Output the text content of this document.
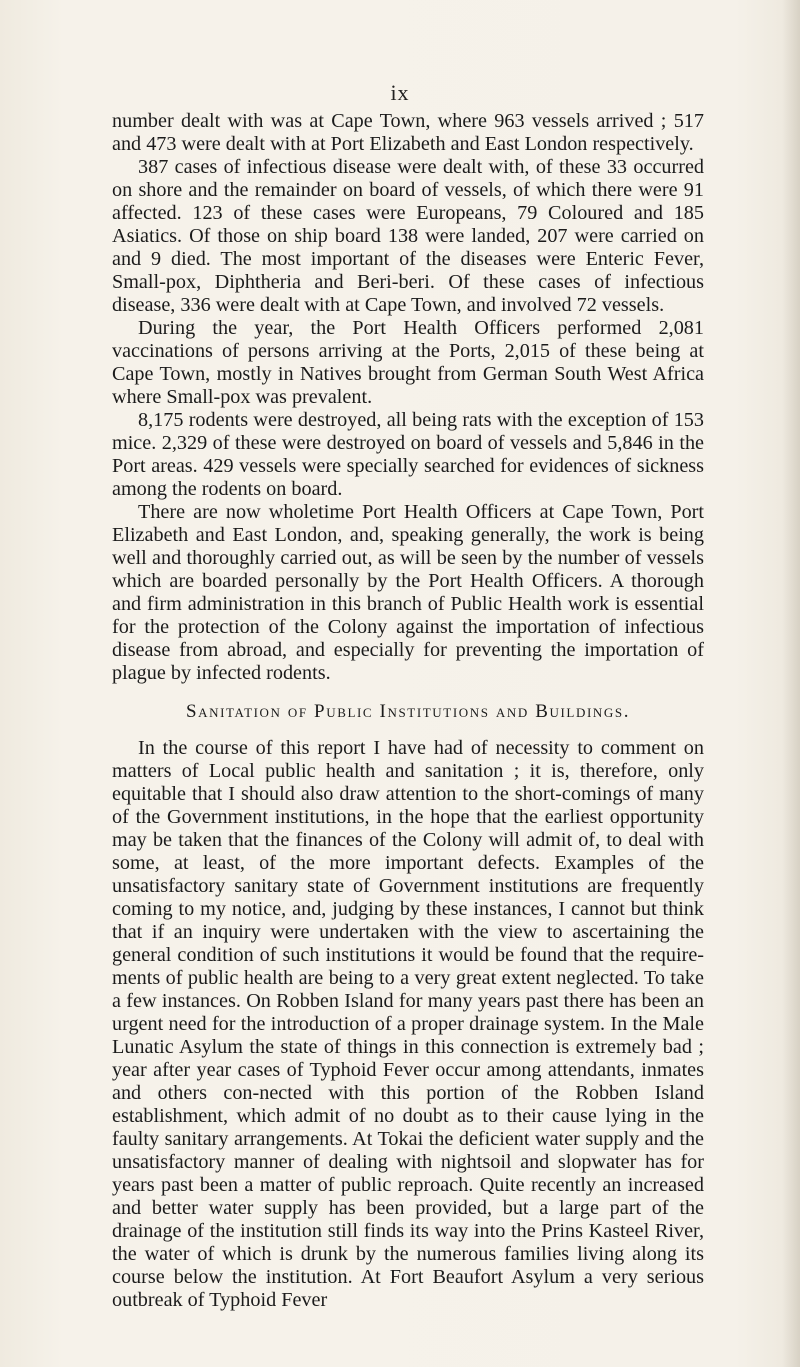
ix

number dealt with was at Cape Town, where 963 vessels arrived ; 517 and 473 were dealt with at Port Elizabeth and East London respectively.

387 cases of infectious disease were dealt with, of these 33 occurred on shore and the remainder on board of vessels, of which there were 91 affected. 123 of these cases were Europeans, 79 Coloured and 185 Asiatics. Of those on ship board 138 were landed, 207 were carried on and 9 died. The most important of the diseases were Enteric Fever, Small-pox, Diphtheria and Beri-beri. Of these cases of infectious disease, 336 were dealt with at Cape Town, and involved 72 vessels.

During the year, the Port Health Officers performed 2,081 vaccinations of persons arriving at the Ports, 2,015 of these being at Cape Town, mostly in Natives brought from German South West Africa where Small-pox was prevalent.

8,175 rodents were destroyed, all being rats with the exception of 153 mice. 2,329 of these were destroyed on board of vessels and 5,846 in the Port areas. 429 vessels were specially searched for evidences of sickness among the rodents on board.

There are now wholetime Port Health Officers at Cape Town, Port Elizabeth and East London, and, speaking generally, the work is being well and thoroughly carried out, as will be seen by the number of vessels which are boarded personally by the Port Health Officers. A thorough and firm administration in this branch of Public Health work is essential for the protection of the Colony against the importation of infectious disease from abroad, and especially for preventing the importation of plague by infected rodents.

Sanitation of Public Institutions and Buildings.

In the course of this report I have had of necessity to comment on matters of Local public health and sanitation ; it is, therefore, only equitable that I should also draw attention to the short-comings of many of the Government institutions, in the hope that the earliest opportunity may be taken that the finances of the Colony will admit of, to deal with some, at least, of the more important defects. Examples of the unsatisfactory sanitary state of Government institutions are frequently coming to my notice, and, judging by these instances, I cannot but think that if an inquiry were undertaken with the view to ascertaining the general condition of such institutions it would be found that the require-ments of public health are being to a very great extent neglected. To take a few instances. On Robben Island for many years past there has been an urgent need for the introduction of a proper drainage system. In the Male Lunatic Asylum the state of things in this connection is extremely bad ; year after year cases of Typhoid Fever occur among attendants, inmates and others con-nected with this portion of the Robben Island establishment, which admit of no doubt as to their cause lying in the faulty sanitary arrangements. At Tokai the deficient water supply and the unsatisfactory manner of dealing with nightsoil and slopwater has for years past been a matter of public reproach. Quite recently an increased and better water supply has been provided, but a large part of the drainage of the institution still finds its way into the Prins Kasteel River, the water of which is drunk by the numerous families living along its course below the institution. At Fort Beaufort Asylum a very serious outbreak of Typhoid Fever
